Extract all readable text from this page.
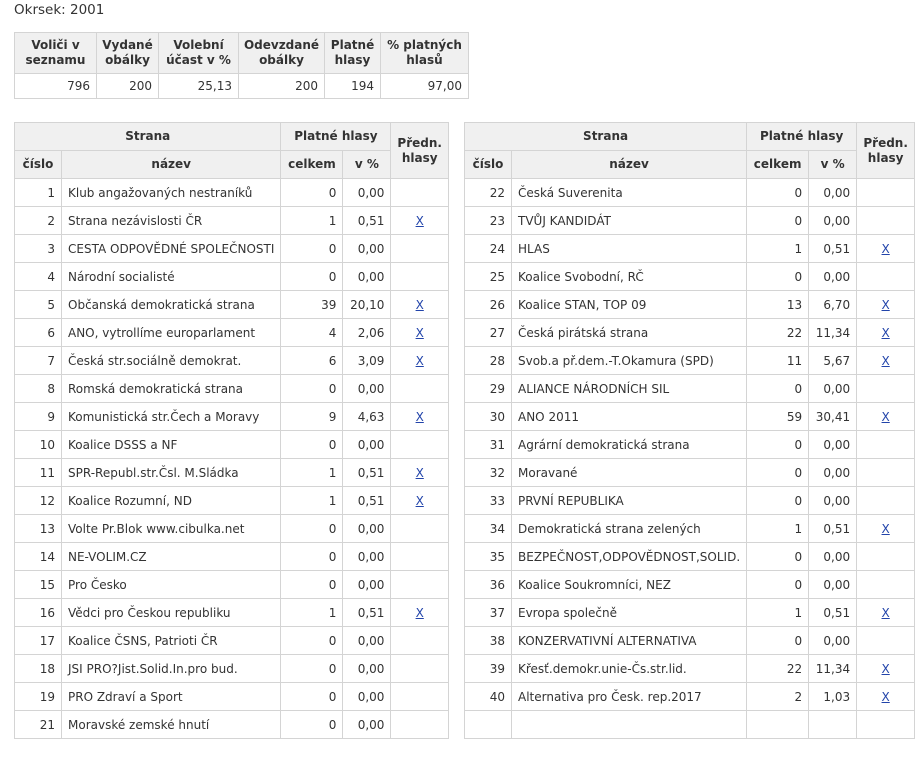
Okrsek: 2001
Voliči v seznamu	Vydané obálky	Volební účast v %	Odevzdané obálky	Platné hlasy	% platných hlasů
796	200	25,13	200	194	97,00
Strana		Platné hlasy		Předn. hlasy
číslo	název	celkem	v %	
1	Klub angažovaných nestraníků	0	0,00	
2	Strana nezávislosti ČR	1	0,51	X
3	CESTA ODPOVĚDNÉ SPOLEČNOSTI	0	0,00	
4	Národní socialisté	0	0,00	
5	Občanská demokratická strana	39	20,10	X
6	ANO, vytrollíme europarlament	4	2,06	X
7	Česká str.sociálně demokrat.	6	3,09	X
8	Romská demokratická strana	0	0,00	
9	Komunistická str.Čech a Moravy	9	4,63	X
10	Koalice DSSS a NF	0	0,00	
11	SPR-Republ.str.Čsl. M.Sládka	1	0,51	X
12	Koalice Rozumní, ND	1	0,51	X
13	Volte Pr.Blok www.cibulka.net	0	0,00	
14	NE-VOLIM.CZ	0	0,00	
15	Pro Česko	0	0,00	
16	Vědci pro Českou republiku	1	0,51	X
17	Koalice ČSNS, Patrioti ČR	0	0,00	
18	JSI PRO?Jist.Solid.In.pro bud.	0	0,00	
19	PRO Zdraví a Sport	0	0,00	
21	Moravské zemské hnutí	0	0,00	
Strana		Platné hlasy		Předn. hlasy
číslo	název	celkem	v %	
22	Česká Suverenita	0	0,00	
23	TVŮJ KANDIDÁT	0	0,00	
24	HLAS	1	0,51	X
25	Koalice Svobodní, RČ	0	0,00	
26	Koalice STAN, TOP 09	13	6,70	X
27	Česká pirátská strana	22	11,34	X
28	Svob.a př.dem.-T.Okamura (SPD)	11	5,67	X
29	ALIANCE NÁRODNÍCH SIL	0	0,00	
30	ANO 2011	59	30,41	X
31	Agrární demokratická strana	0	0,00	
32	Moravané	0	0,00	
33	PRVNÍ REPUBLIKA	0	0,00	
34	Demokratická strana zelených	1	0,51	X
35	BEZPEČNOST,ODPOVĚDNOST,SOLID.	0	0,00	
36	Koalice Soukromníci, NEZ	0	0,00	
37	Evropa společně	1	0,51	X
38	KONZERVATIVNÍ ALTERNATIVA	0	0,00	
39	Křesť.demokr.unie-Čs.str.lid.	22	11,34	X
40	Alternativa pro Česk. rep.2017	2	1,03	X
